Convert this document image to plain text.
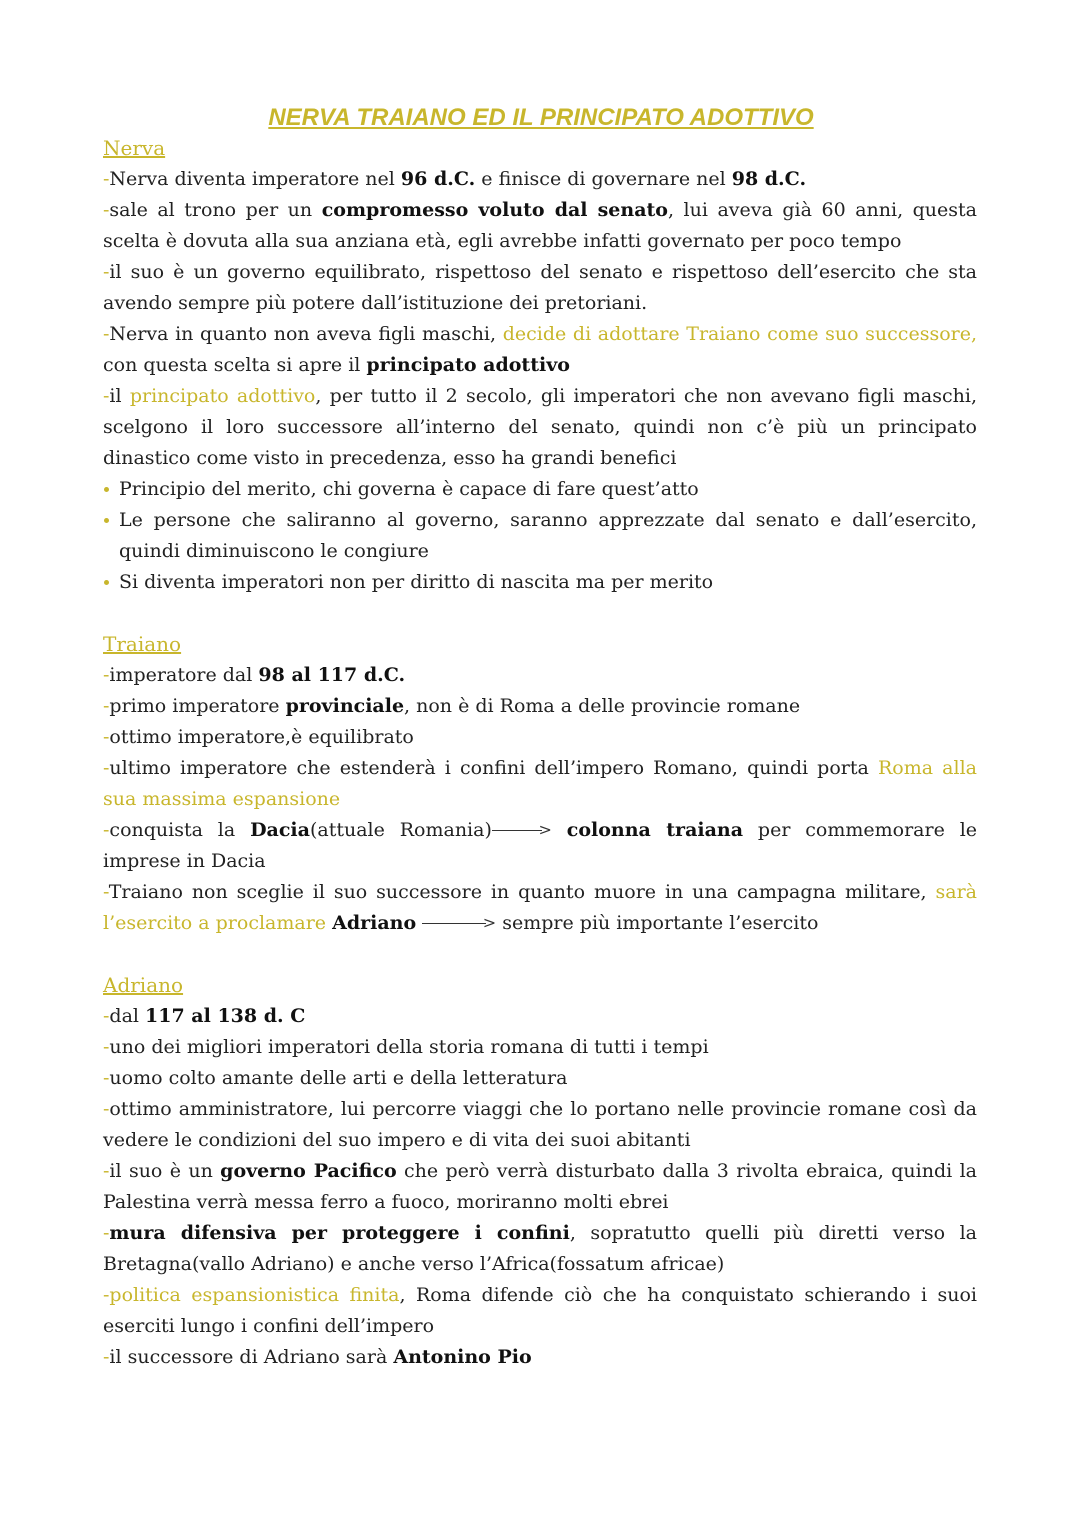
NERVA TRAIANO ED IL PRINCIPATO ADOTTIVO
Nerva
-Nerva diventa imperatore nel 96 d.C. e finisce di governare nel 98 d.C.
-sale al trono per un compromesso voluto dal senato, lui aveva già 60 anni, questa scelta è dovuta alla sua anziana età, egli avrebbe infatti governato per poco tempo
-il suo è un governo equilibrato, rispettoso del senato e rispettoso dell’esercito che sta avendo sempre più potere dall’istituzione dei pretoriani.
-Nerva in quanto non aveva figli maschi, decide di adottare Traiano come suo successore, con questa scelta si apre il principato adottivo
-il principato adottivo, per tutto il 2 secolo, gli imperatori che non avevano figli maschi, scelgono il loro successore all’interno del senato, quindi non c’è più un principato dinastico come visto in precedenza, esso ha grandi benefici
Principio del merito, chi governa è capace di fare quest’atto
Le persone che saliranno al governo, saranno apprezzate dal senato e dall’esercito, quindi diminuiscono le congiure
Si diventa imperatori non per diritto di nascita ma per merito
Traiano
-imperatore dal 98 al 117 d.C.
-primo imperatore provinciale, non è di Roma a delle provincie romane
-ottimo imperatore,è equilibrato
-ultimo imperatore che estenderà i confini dell’impero Romano, quindi porta Roma alla sua massima espansione
-conquista la Dacia(attuale Romania)	> colonna traiana per commemorare le imprese in Dacia
-Traiano non sceglie il suo successore in quanto muore in una campagna militare, sarà l’esercito a proclamare Adriano	> sempre più importante l’esercito
Adriano
-dal 117 al 138 d. C
-uno dei migliori imperatori della storia romana di tutti i tempi
-uomo colto amante delle arti e della letteratura
-ottimo amministratore, lui percorre viaggi che lo portano nelle provincie romane così da vedere le condizioni del suo impero e di vita dei suoi abitanti
-il suo è un governo Pacifico che però verrà disturbato dalla 3 rivolta ebraica, quindi la Palestina verrà messa ferro a fuoco, moriranno molti ebrei
-mura difensiva per proteggere i confini, sopratutto quelli più diretti verso la Bretagna(vallo Adriano) e anche verso l’Africa(fossatum africae)
-politica espansionistica finita, Roma difende ciò che ha conquistato schierando i suoi eserciti lungo i confini dell’impero
-il successore di Adriano sarà Antonino Pio
